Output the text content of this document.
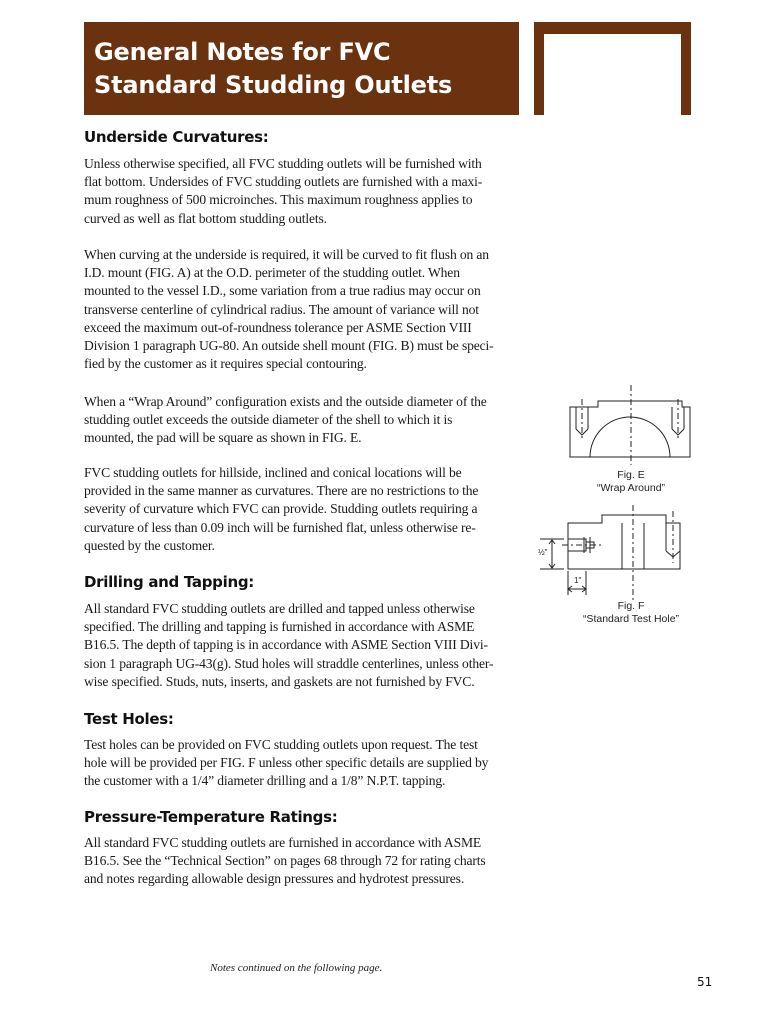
General Notes for FVC
Standard Studding Outlets
Underside Curvatures:

Unless otherwise specified, all FVC studding outlets will be furnished with
flat bottom. Undersides of FVC studding outlets are furnished with a maxi-
mum roughness of 500 microinches. This maximum roughness applies to
curved as well as flat bottom studding outlets.

When curving at the underside is required, it will be curved to fit flush on an
I.D. mount (FIG. A) at the O.D. perimeter of the studding outlet. When
mounted to the vessel I.D., some variation from a true radius may occur on
transverse centerline of cylindrical radius. The amount of variance will not
exceed the maximum out-of-roundness tolerance per ASME Section VIII
Division 1 paragraph UG-80. An outside shell mount (FIG. B) must be speci-
fied by the customer as it requires special contouring.

When a “Wrap Around” configuration exists and the outside diameter of the
studding outlet exceeds the outside diameter of the shell to which it is
mounted, the pad will be square as shown in FIG. E.

FVC studding outlets for hillside, inclined and conical locations will be
provided in the same manner as curvatures. There are no restrictions to the
severity of curvature which FVC can provide. Studding outlets requiring a
curvature of less than 0.09 inch will be furnished flat, unless otherwise re-
quested by the customer.

Drilling and Tapping:

All standard FVC studding outlets are drilled and tapped unless otherwise
specified. The drilling and tapping is furnished in accordance with ASME
B16.5. The depth of tapping is in accordance with ASME Section VIII Divi-
sion 1 paragraph UG-43(g). Stud holes will straddle centerlines, unless other-
wise specified. Studs, nuts, inserts, and gaskets are not furnished by FVC.

Test Holes:

Test holes can be provided on FVC studding outlets upon request. The test
hole will be provided per FIG. F unless other specific details are supplied by
the customer with a 1/4” diameter drilling and a 1/8” N.P.T. tapping.

Pressure-Temperature Ratings:

All standard FVC studding outlets are furnished in accordance with ASME
B16.5. See the “Technical Section” on pages 68 through 72 for rating charts
and notes regarding allowable design pressures and hydrotest pressures.

Fig. E
“Wrap Around”
½"
1"
Fig. F
“Standard Test Hole”

Notes continued on the following page.

51
